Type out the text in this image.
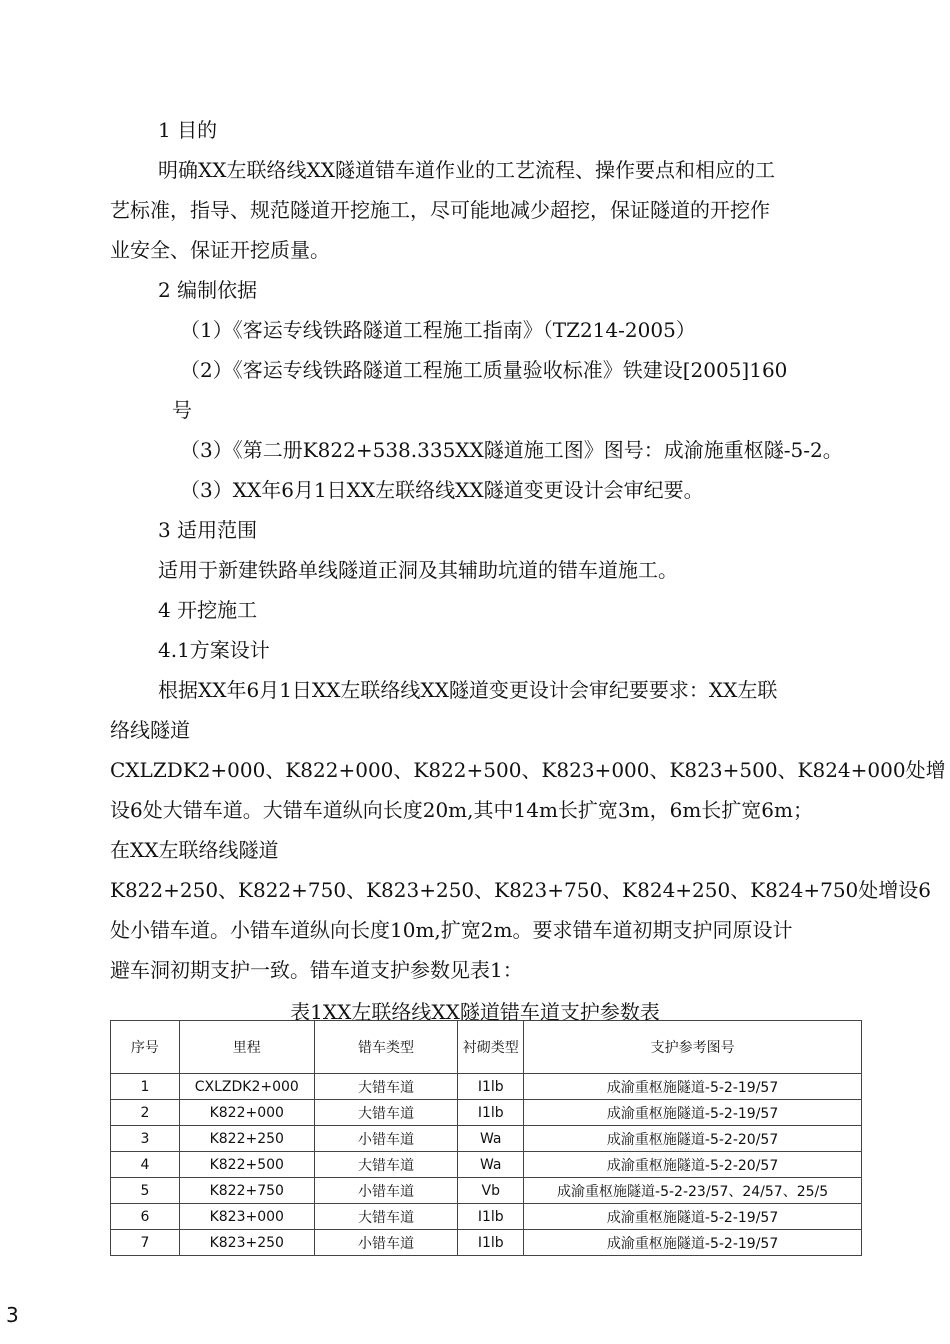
1 目的
明确XX左联络线XX隧道错车道作业的工艺流程、操作要点和相应的工
艺标准，指导、规范隧道开挖施工，尽可能地减少超挖，保证隧道的开挖作
业安全、保证开挖质量。
2 编制依据
（1）《客运专线铁路隧道工程施工指南》（TZ214-2005）
（2）《客运专线铁路隧道工程施工质量验收标准》铁建设[2005]160
号
（3）《第二册K822+538.335XX隧道施工图》图号：成渝施重枢隧-5-2。
（3）XX年6月1日XX左联络线XX隧道变更设计会审纪要。
3 适用范围
适用于新建铁路单线隧道正洞及其辅助坑道的错车道施工。
4 开挖施工
4.1方案设计
根据XX年6月1日XX左联络线XX隧道变更设计会审纪要要求：XX左联
络线隧道
CXLZDK2+000、K822+000、K822+500、K823+000、K823+500、K824+000处增
设6处大错车道。大错车道纵向长度20m,其中14m长扩宽3m，6m长扩宽6m；
在XX左联络线隧道
K822+250、K822+750、K823+250、K823+750、K824+250、K824+750处增设6
处小错车道。小错车道纵向长度10m,扩宽2m。要求错车道初期支护同原设计
避车洞初期支护一致。错车道支护参数见表1：
表1XX左联络线XX隧道错车道支护参数表
序号	里程	错车类型	衬砌类型	支护参考图号
1	CXLZDK2+000	大错车道	I1lb	成渝重枢施隧道-5-2-19/57
2	K822+000	大错车道	I1lb	成渝重枢施隧道-5-2-19/57
3	K822+250	小错车道	Wa	成渝重枢施隧道-5-2-20/57
4	K822+500	大错车道	Wa	成渝重枢施隧道-5-2-20/57
5	K822+750	小错车道	Vb	成渝重枢施隧道-5-2-23/57、24/57、25/5
6	K823+000	大错车道	I1lb	成渝重枢施隧道-5-2-19/57
7	K823+250	小错车道	I1lb	成渝重枢施隧道-5-2-19/57
3
